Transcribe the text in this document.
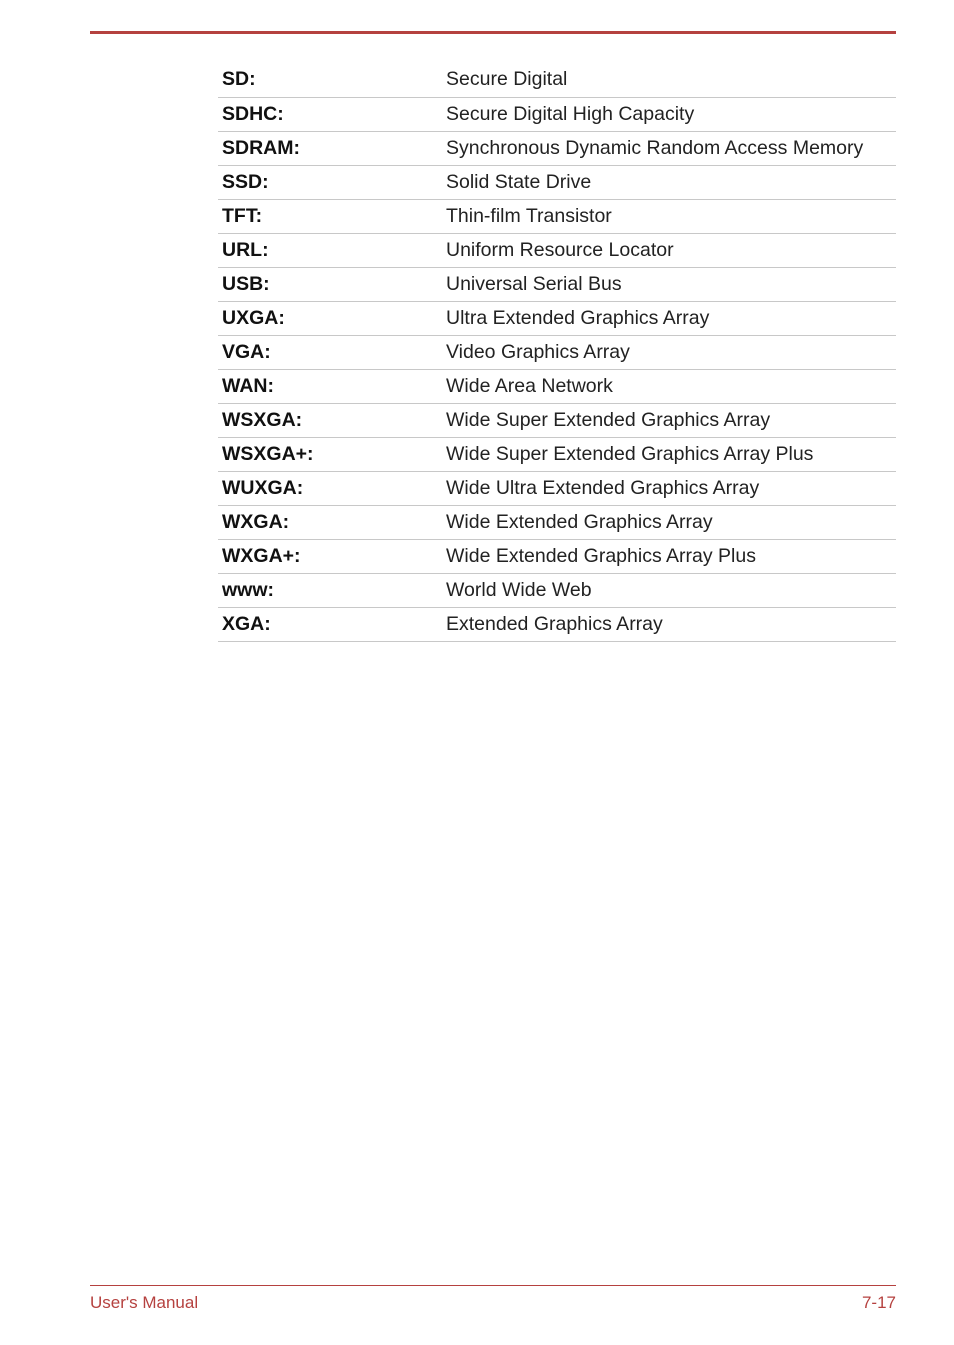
SD:	Secure Digital
SDHC:	Secure Digital High Capacity
SDRAM:	Synchronous Dynamic Random Access Memory
SSD:	Solid State Drive
TFT:	Thin-film Transistor
URL:	Uniform Resource Locator
USB:	Universal Serial Bus
UXGA:	Ultra Extended Graphics Array
VGA:	Video Graphics Array
WAN:	Wide Area Network
WSXGA:	Wide Super Extended Graphics Array
WSXGA+:	Wide Super Extended Graphics Array Plus
WUXGA:	Wide Ultra Extended Graphics Array
WXGA:	Wide Extended Graphics Array
WXGA+:	Wide Extended Graphics Array Plus
www:	World Wide Web
XGA:	Extended Graphics Array
User's Manual	7-17
